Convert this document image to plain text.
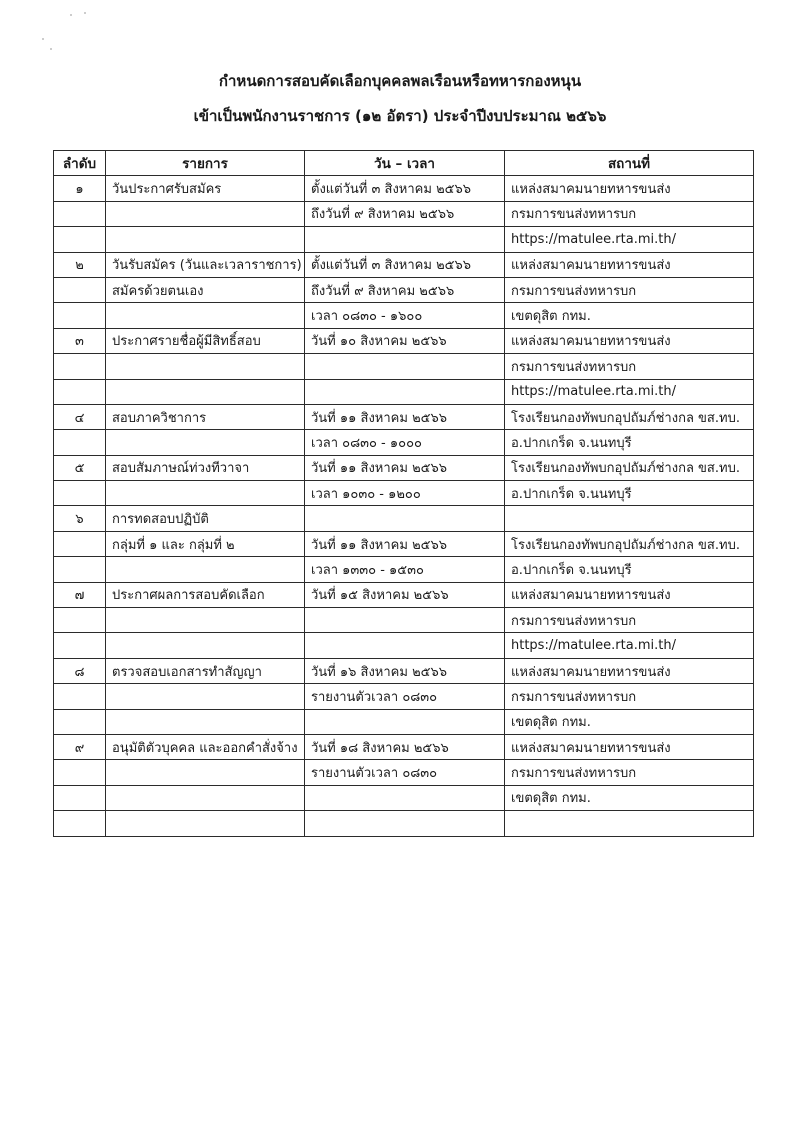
กำหนดการสอบคัดเลือกบุคคลพลเรือนหรือทหารกองหนุน
เข้าเป็นพนักงานราชการ (๑๒ อัตรา) ประจำปีงบประมาณ ๒๕๖๖
ลำดับ	รายการ	วัน – เวลา	สถานที่
๑	วันประกาศรับสมัคร	ตั้งแต่วันที่ ๓ สิงหาคม ๒๕๖๖	แหล่งสมาคมนายทหารขนส่ง
		ถึงวันที่ ๙ สิงหาคม ๒๕๖๖	กรมการขนส่งทหารบก
			https://matulee.rta.mi.th/
๒	วันรับสมัคร (วันและเวลาราชการ)	ตั้งแต่วันที่ ๓ สิงหาคม ๒๕๖๖	แหล่งสมาคมนายทหารขนส่ง
	สมัครด้วยตนเอง	ถึงวันที่ ๙ สิงหาคม ๒๕๖๖	กรมการขนส่งทหารบก
		เวลา ๐๘๓๐ - ๑๖๐๐	เขตดุสิต กทม.
๓	ประกาศรายชื่อผู้มีสิทธิ์สอบ	วันที่ ๑๐ สิงหาคม ๒๕๖๖	แหล่งสมาคมนายทหารขนส่ง
			กรมการขนส่งทหารบก
			https://matulee.rta.mi.th/
๔	สอบภาควิชาการ	วันที่ ๑๑ สิงหาคม ๒๕๖๖	โรงเรียนกองทัพบกอุปถัมภ์ช่างกล ขส.ทบ.
		เวลา ๐๘๓๐ - ๑๐๐๐	อ.ปากเกร็ด จ.นนทบุรี
๕	สอบสัมภาษณ์ท่วงทีวาจา	วันที่ ๑๑ สิงหาคม ๒๕๖๖	โรงเรียนกองทัพบกอุปถัมภ์ช่างกล ขส.ทบ.
		เวลา ๑๐๓๐ - ๑๒๐๐	อ.ปากเกร็ด จ.นนทบุรี
๖	การทดสอบปฏิบัติ		
	กลุ่มที่ ๑ และ กลุ่มที่ ๒	วันที่ ๑๑ สิงหาคม ๒๕๖๖	โรงเรียนกองทัพบกอุปถัมภ์ช่างกล ขส.ทบ.
		เวลา ๑๓๓๐ - ๑๕๓๐	อ.ปากเกร็ด จ.นนทบุรี
๗	ประกาศผลการสอบคัดเลือก	วันที่ ๑๕ สิงหาคม ๒๕๖๖	แหล่งสมาคมนายทหารขนส่ง
			กรมการขนส่งทหารบก
			https://matulee.rta.mi.th/
๘	ตรวจสอบเอกสารทำสัญญา	วันที่ ๑๖ สิงหาคม ๒๕๖๖	แหล่งสมาคมนายทหารขนส่ง
		รายงานตัวเวลา ๐๘๓๐	กรมการขนส่งทหารบก
			เขตดุสิต กทม.
๙	อนุมัติตัวบุคคล และออกคำสั่งจ้าง	วันที่ ๑๘ สิงหาคม ๒๕๖๖	แหล่งสมาคมนายทหารขนส่ง
		รายงานตัวเวลา ๐๘๓๐	กรมการขนส่งทหารบก
			เขตดุสิต กทม.
